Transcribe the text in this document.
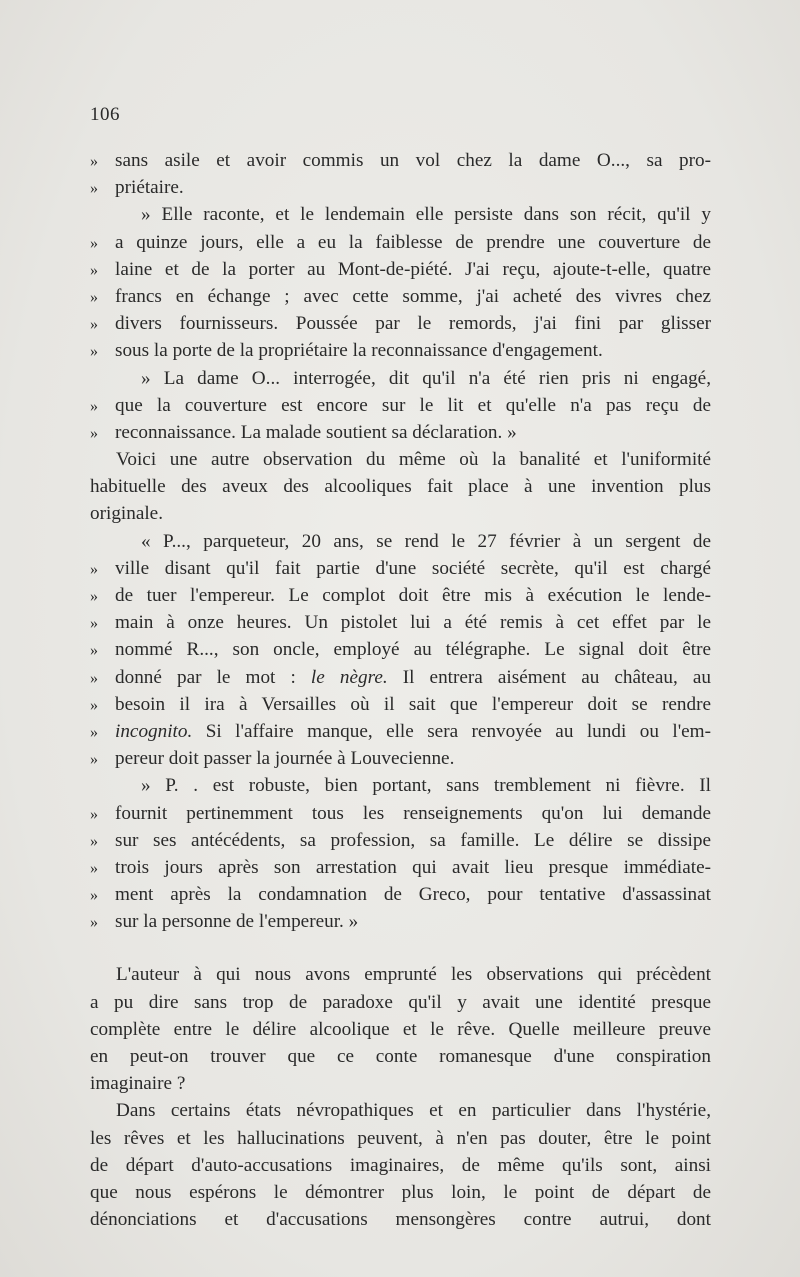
106
» sans asile et avoir commis un vol chez la dame O..., sa pro-
» priétaire.
» Elle raconte, et le lendemain elle persiste dans son récit, qu'il y
» a quinze jours, elle a eu la faiblesse de prendre une couverture de
» laine et de la porter au Mont-de-piété. J'ai reçu, ajoute-t-elle, quatre
» francs en échange ; avec cette somme, j'ai acheté des vivres chez
» divers fournisseurs. Poussée par le remords, j'ai fini par glisser
» sous la porte de la propriétaire la reconnaissance d'engagement.
» La dame O... interrogée, dit qu'il n'a été rien pris ni engagé,
» que la couverture est encore sur le lit et qu'elle n'a pas reçu de
» reconnaissance. La malade soutient sa déclaration. »
Voici une autre observation du même où la banalité et l'uniformité
habituelle des aveux des alcooliques fait place à une invention plus
originale.
« P..., parqueteur, 20 ans, se rend le 27 février à un sergent de
» ville disant qu'il fait partie d'une société secrète, qu'il est chargé
» de tuer l'empereur. Le complot doit être mis à exécution le lende-
» main à onze heures. Un pistolet lui a été remis à cet effet par le
» nommé R..., son oncle, employé au télégraphe. Le signal doit être
» donné par le mot : le nègre. Il entrera aisément au château, au
» besoin il ira à Versailles où il sait que l'empereur doit se rendre
» incognito. Si l'affaire manque, elle sera renvoyée au lundi ou l'em-
» pereur doit passer la journée à Louvecienne.
» P. . est robuste, bien portant, sans tremblement ni fièvre. Il
» fournit pertinemment tous les renseignements qu'on lui demande
» sur ses antécédents, sa profession, sa famille. Le délire se dissipe
» trois jours après son arrestation qui avait lieu presque immédiate-
» ment après la condamnation de Greco, pour tentative d'assassinat
» sur la personne de l'empereur. »
L'auteur à qui nous avons emprunté les observations qui précèdent
a pu dire sans trop de paradoxe qu'il y avait une identité presque
complète entre le délire alcoolique et le rêve. Quelle meilleure preuve
en peut-on trouver que ce conte romanesque d'une conspiration
imaginaire ?
Dans certains états névropathiques et en particulier dans l'hystérie,
les rêves et les hallucinations peuvent, à n'en pas douter, être le point
de départ d'auto-accusations imaginaires, de même qu'ils sont, ainsi
que nous espérons le démontrer plus loin, le point de départ de
dénonciations et d'accusations mensongères contre autrui, dont
